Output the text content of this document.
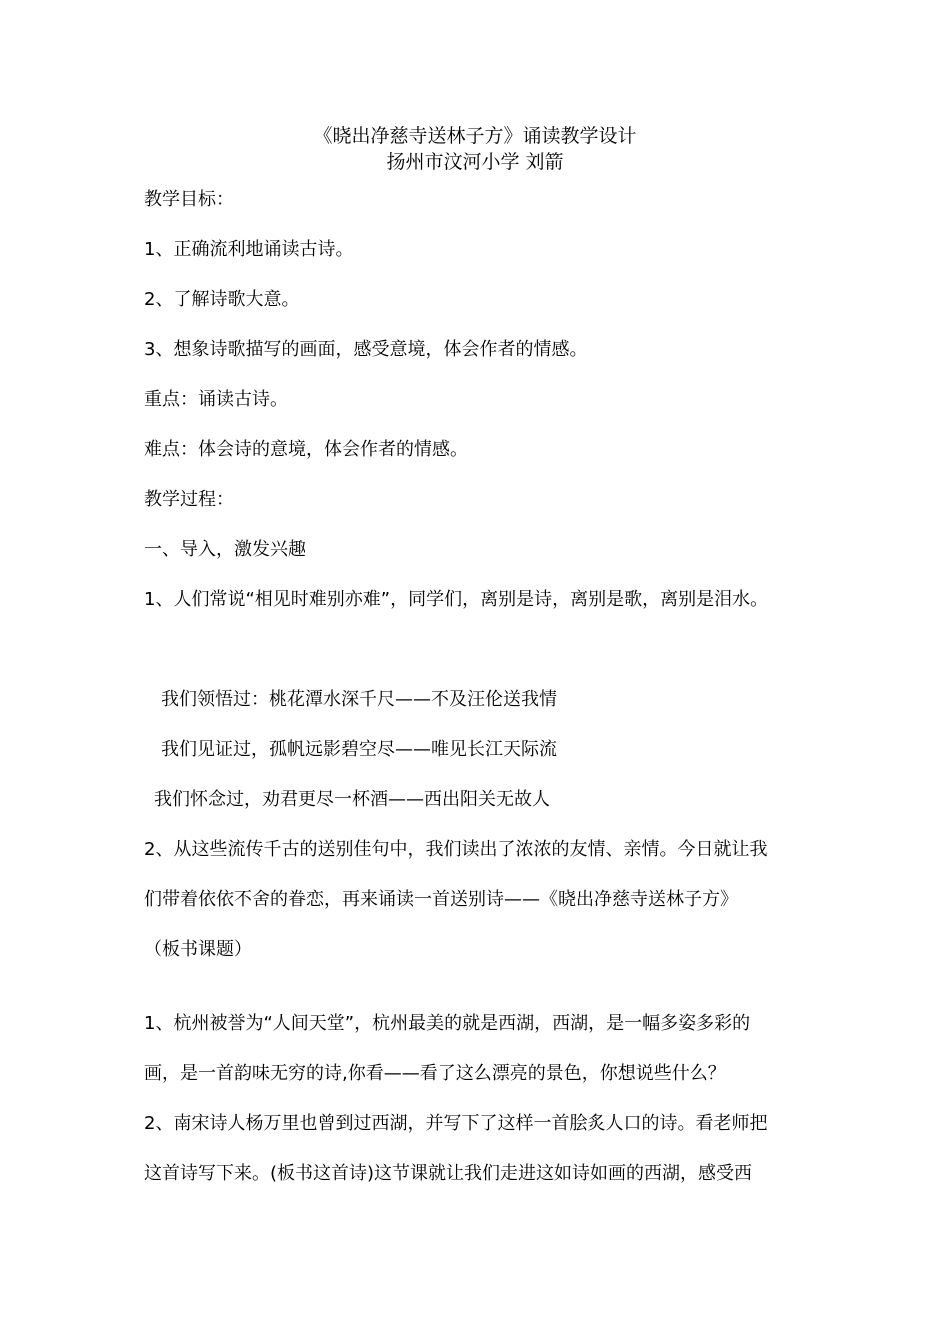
《晓出净慈寺送林子方》诵读教学设计
扬州市汶河小学 刘箭
教学目标：
1、正确流利地诵读古诗。
2、了解诗歌大意。
3、想象诗歌描写的画面，感受意境，体会作者的情感。
重点：诵读古诗。
难点：体会诗的意境，体会作者的情感。
教学过程：
一、导入，激发兴趣
1、人们常说“相见时难别亦难”，同学们，离别是诗，离别是歌，离别是泪水。
我们领悟过：桃花潭水深千尺——不及汪伦送我情
我们见证过，孤帆远影碧空尽——唯见长江天际流
我们怀念过，劝君更尽一杯酒——西出阳关无故人
2、从这些流传千古的送别佳句中，我们读出了浓浓的友情、亲情。今日就让我
们带着依依不舍的眷恋，再来诵读一首送别诗——《晓出净慈寺送林子方》
（板书课题）
1、杭州被誉为“人间天堂”，杭州最美的就是西湖，西湖，是一幅多姿多彩的
画，是一首韵味无穷的诗,你看——看了这么漂亮的景色，你想说些什么？
2、南宋诗人杨万里也曾到过西湖，并写下了这样一首脍炙人口的诗。看老师把
这首诗写下来。(板书这首诗)这节课就让我们走进这如诗如画的西湖，感受西
